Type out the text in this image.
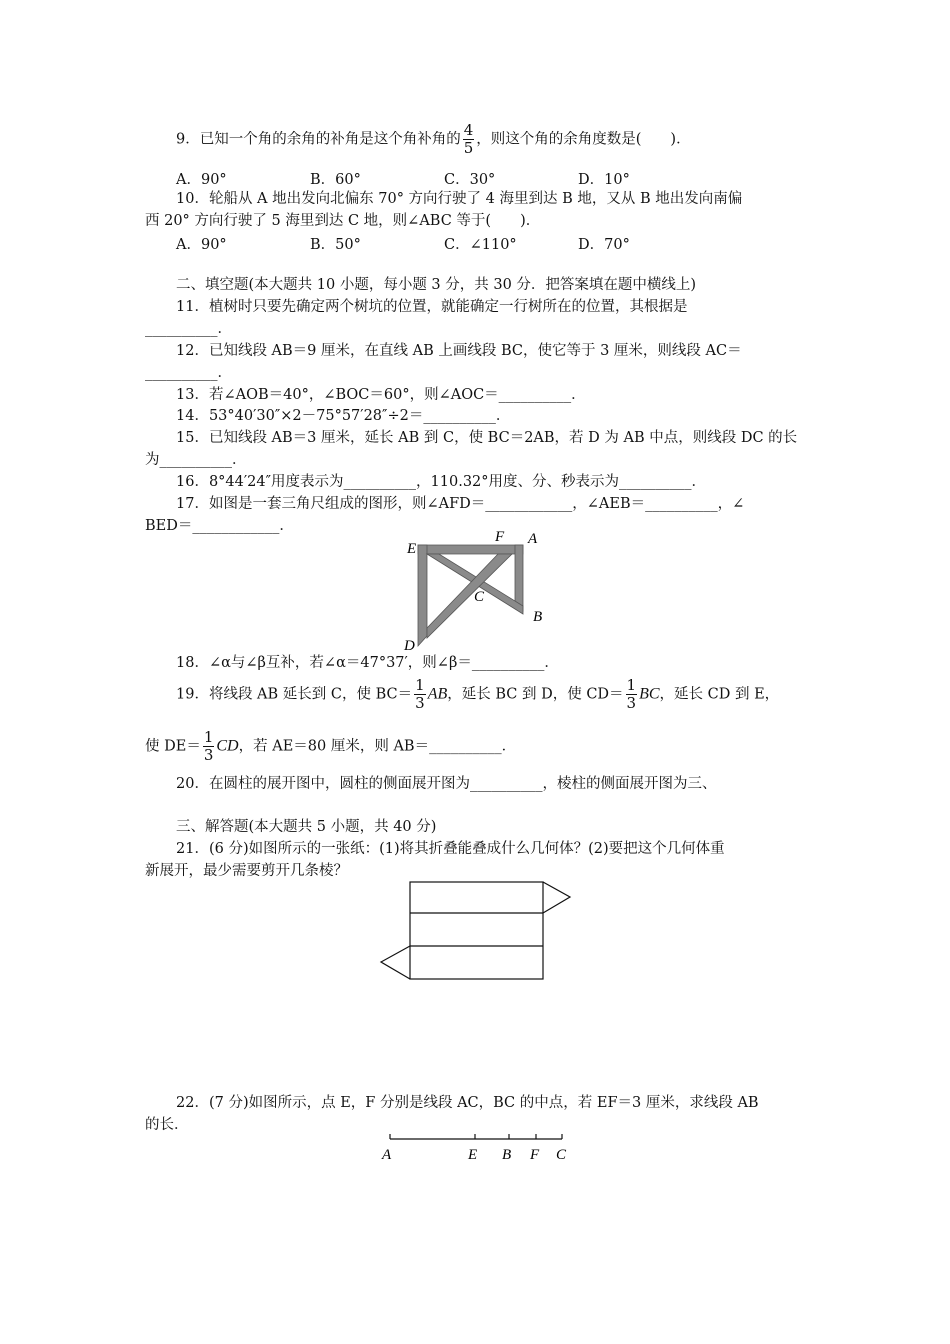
9．已知一个角的余角的补角是这个角补角的 $\frac{4}{5}$ ，则这个角的余角度数是(　　)．
A．90°	B．60°	C．30°	D．10°
10．轮船从 A 地出发向北偏东 70° 方向行驶了 4 海里到达 B 地，又从 B 地出发向南偏
西 20° 方向行驶了 5 海里到达 C 地，则∠ABC 等于(　　)．
A．90°	B．50°	C．∠110°	D．70°
二、填空题(本大题共 10 小题，每小题 3 分，共 30 分．把答案填在题中横线上)
11．植树时只要先确定两个树坑的位置，就能确定一行树所在的位置，其根据是
__________．
12．已知线段 AB＝9 厘米，在直线 AB 上画线段 BC，使它等于 3 厘米，则线段 AC＝
__________．
13．若∠AOB＝40°，∠BOC＝60°，则∠AOC＝__________．
14．53°40′30″×2－75°57′28″÷2＝__________．
15．已知线段 AB＝3 厘米，延长 AB 到 C，使 BC＝2AB，若 D 为 AB 中点，则线段 DC 的长
为__________．
16．8°44′24″用度表示为__________，110.32°用度、分、秒表示为__________．
17．如图是一套三角尺组成的图形，则∠AFD＝____________，∠AEB＝__________，∠
BED＝____________．
E
F A
C
B
D
18．∠α与∠β互补，若∠α＝47°37′，则∠β＝__________．
19．将线段 AB 延长到 C，使 $BC= \frac{1}{3}$ AB，延长 BC 到 D，使 $CD= \frac{1}{3}$ BC，延长 CD 到 E，
使 $DE= \frac{1}{3}$ CD，若 AE＝80 厘米，则 AB＝__________．
20．在圆柱的展开图中，圆柱的侧面展开图为__________，棱柱的侧面展开图为三、
三、解答题(本大题共 5 小题，共 40 分)
21．(6 分)如图所示的一张纸：(1)将其折叠能叠成什么几何体？(2)要把这个几何体重
新展开，最少需要剪开几条棱？
22．(7 分)如图所示，点 E，F 分别是线段 AC，BC 的中点，若 EF＝3 厘米，求线段 AB
的长．
A	E B F C
